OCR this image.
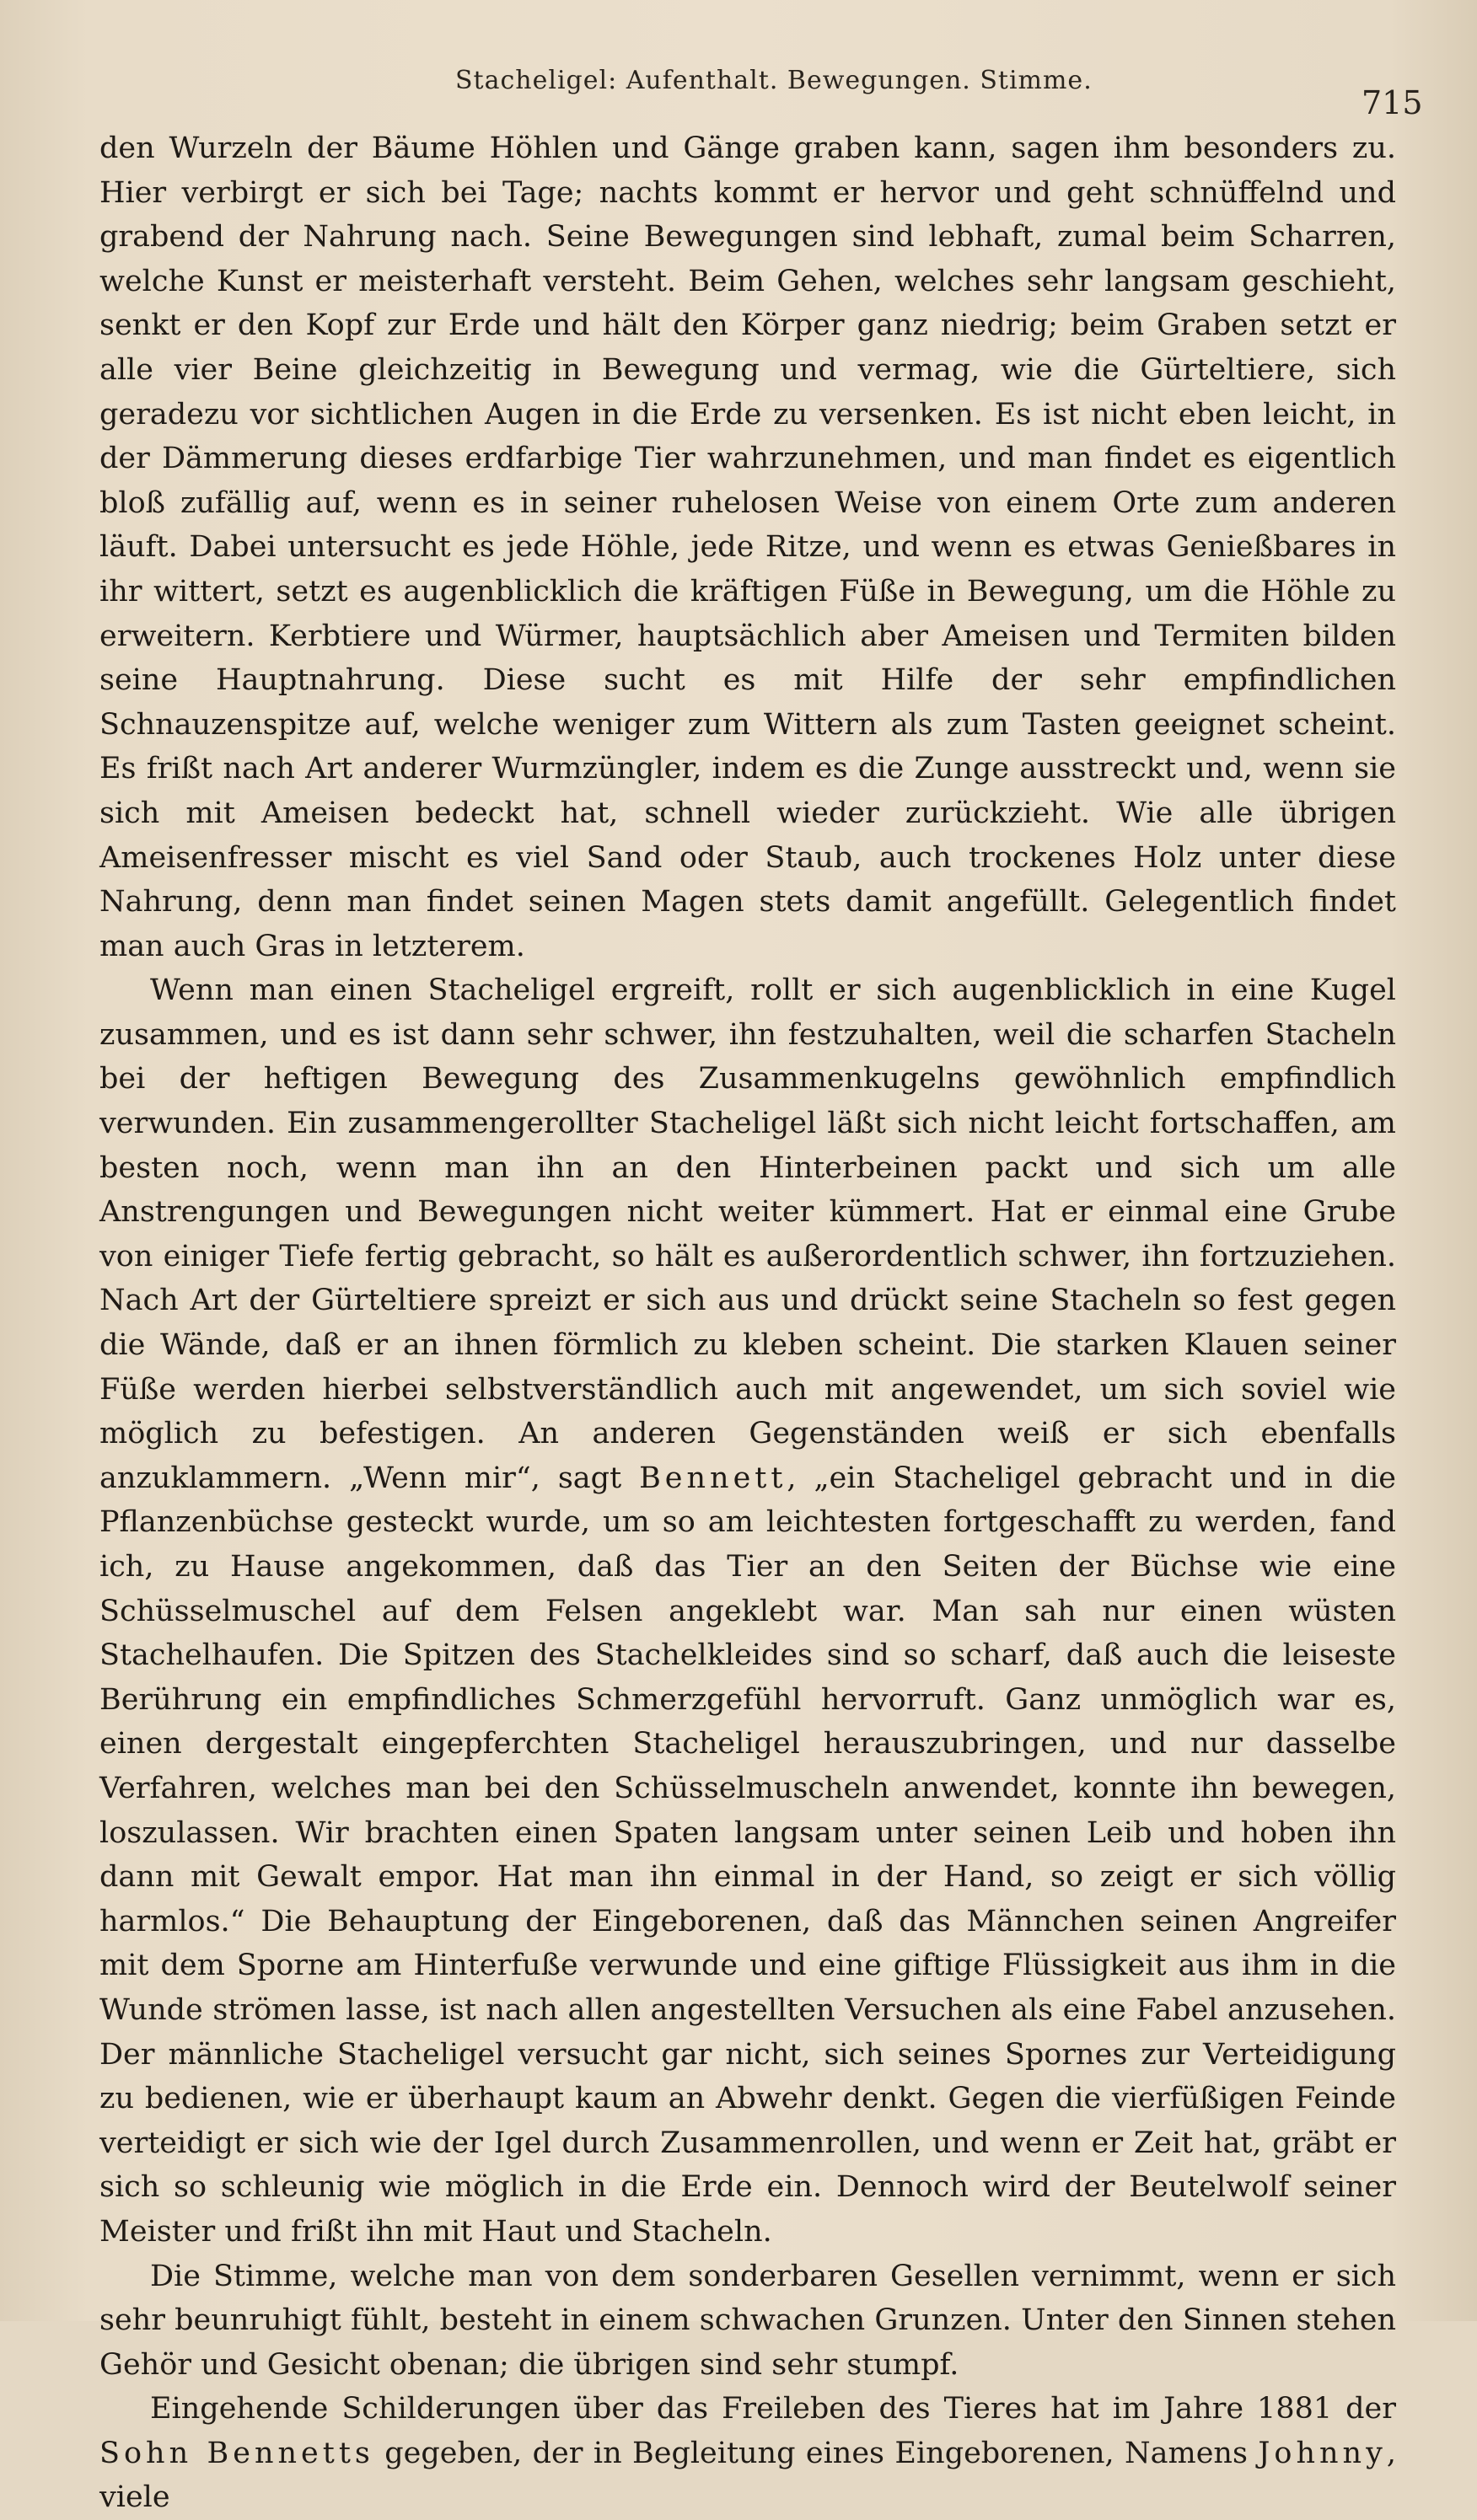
Stacheligel: Aufenthalt. Bewegungen. Stimme.
715

den Wurzeln der Bäume Höhlen und Gänge graben kann, sagen ihm besonders zu. Hier verbirgt er sich bei Tage; nachts kommt er hervor und geht schnüffelnd und grabend der Nahrung nach. Seine Bewegungen sind lebhaft, zumal beim Scharren, welche Kunst er meisterhaft versteht. Beim Gehen, welches sehr langsam geschieht, senkt er den Kopf zur Erde und hält den Körper ganz niedrig; beim Graben setzt er alle vier Beine gleichzeitig in Bewegung und vermag, wie die Gürteltiere, sich geradezu vor sichtlichen Augen in die Erde zu versenken. Es ist nicht eben leicht, in der Dämmerung dieses erdfarbige Tier wahrzunehmen, und man findet es eigentlich bloß zufällig auf, wenn es in seiner ruhelosen Weise von einem Orte zum anderen läuft. Dabei untersucht es jede Höhle, jede Ritze, und wenn es etwas Genießbares in ihr wittert, setzt es augenblicklich die kräftigen Füße in Bewegung, um die Höhle zu erweitern. Kerbtiere und Würmer, hauptsächlich aber Ameisen und Termiten bilden seine Hauptnahrung. Diese sucht es mit Hilfe der sehr empfindlichen Schnauzenspitze auf, welche weniger zum Wittern als zum Tasten geeignet scheint. Es frißt nach Art anderer Wurmzüngler, indem es die Zunge ausstreckt und, wenn sie sich mit Ameisen bedeckt hat, schnell wieder zurückzieht. Wie alle übrigen Ameisenfresser mischt es viel Sand oder Staub, auch trockenes Holz unter diese Nahrung, denn man findet seinen Magen stets damit angefüllt. Gelegentlich findet man auch Gras in letzterem.

Wenn man einen Stacheligel ergreift, rollt er sich augenblicklich in eine Kugel zusammen, und es ist dann sehr schwer, ihn festzuhalten, weil die scharfen Stacheln bei der heftigen Bewegung des Zusammenkugelns gewöhnlich empfindlich verwunden. Ein zusammengerollter Stacheligel läßt sich nicht leicht fortschaffen, am besten noch, wenn man ihn an den Hinterbeinen packt und sich um alle Anstrengungen und Bewegungen nicht weiter kümmert. Hat er einmal eine Grube von einiger Tiefe fertig gebracht, so hält es außerordentlich schwer, ihn fortzuziehen. Nach Art der Gürteltiere spreizt er sich aus und drückt seine Stacheln so fest gegen die Wände, daß er an ihnen förmlich zu kleben scheint. Die starken Klauen seiner Füße werden hierbei selbstverständlich auch mit angewendet, um sich soviel wie möglich zu befestigen. An anderen Gegenständen weiß er sich ebenfalls anzuklammern. „Wenn mir“, sagt Bennett, „ein Stacheligel gebracht und in die Pflanzenbüchse gesteckt wurde, um so am leichtesten fortgeschafft zu werden, fand ich, zu Hause angekommen, daß das Tier an den Seiten der Büchse wie eine Schüsselmuschel auf dem Felsen angeklebt war. Man sah nur einen wüsten Stachelhaufen. Die Spitzen des Stachelkleides sind so scharf, daß auch die leiseste Berührung ein empfindliches Schmerzgefühl hervorruft. Ganz unmöglich war es, einen dergestalt eingepferchten Stacheligel herauszubringen, und nur dasselbe Verfahren, welches man bei den Schüsselmuscheln anwendet, konnte ihn bewegen, loszulassen. Wir brachten einen Spaten langsam unter seinen Leib und hoben ihn dann mit Gewalt empor. Hat man ihn einmal in der Hand, so zeigt er sich völlig harmlos.“ Die Behauptung der Eingeborenen, daß das Männchen seinen Angreifer mit dem Sporne am Hinterfuße verwunde und eine giftige Flüssigkeit aus ihm in die Wunde strömen lasse, ist nach allen angestellten Versuchen als eine Fabel anzusehen. Der männliche Stacheligel versucht gar nicht, sich seines Spornes zur Verteidigung zu bedienen, wie er überhaupt kaum an Abwehr denkt. Gegen die vierfüßigen Feinde verteidigt er sich wie der Igel durch Zusammenrollen, und wenn er Zeit hat, gräbt er sich so schleunig wie möglich in die Erde ein. Dennoch wird der Beutelwolf seiner Meister und frißt ihn mit Haut und Stacheln.

Die Stimme, welche man von dem sonderbaren Gesellen vernimmt, wenn er sich sehr beunruhigt fühlt, besteht in einem schwachen Grunzen. Unter den Sinnen stehen Gehör und Gesicht obenan; die übrigen sind sehr stumpf.

Eingehende Schilderungen über das Freileben des Tieres hat im Jahre 1881 der Sohn Bennetts gegeben, der in Begleitung eines Eingeborenen, Namens Johnny, viele
